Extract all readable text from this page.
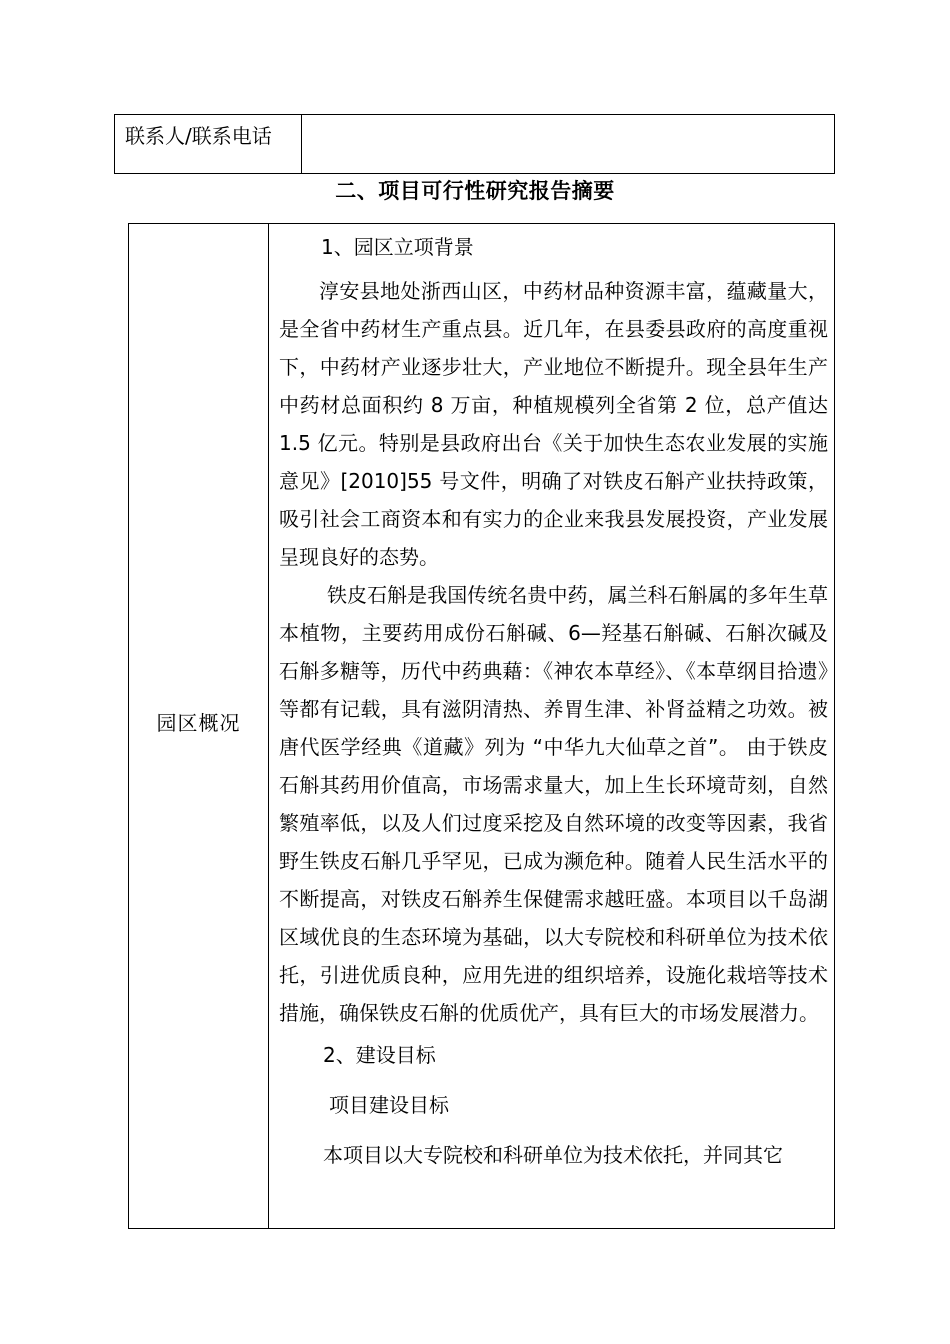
联系人/联系电话
二、项目可行性研究报告摘要
园区概况
1、园区立项背景

淳安县地处浙西山区，中药材品种资源丰富，蕴藏量大，是全省中药材生产重点县。近几年，在县委县政府的高度重视下，中药材产业逐步壮大，产业地位不断提升。现全县年生产中药材总面积约 8 万亩，种植规模列全省第 2 位，总产值达 1.5 亿元。特别是县政府出台《关于加快生态农业发展的实施意见》[2010]55 号文件，明确了对铁皮石斛产业扶持政策，吸引社会工商资本和有实力的企业来我县发展投资，产业发展呈现良好的态势。

铁皮石斛是我国传统名贵中药，属兰科石斛属的多年生草本植物，主要药用成份石斛碱、6—羟基石斛碱、石斛次碱及石斛多糖等，历代中药典藉：《神农本草经》、《本草纲目拾遗》等都有记载，具有滋阴清热、养胃生津、补肾益精之功效。被唐代医学经典《道藏》列为 “中华九大仙草之首”。 由于铁皮石斛其药用价值高，市场需求量大，加上生长环境苛刻，自然繁殖率低，以及人们过度采挖及自然环境的改变等因素，我省野生铁皮石斛几乎罕见，已成为濒危种。随着人民生活水平的不断提高，对铁皮石斛养生保健需求越旺盛。本项目以千岛湖区域优良的生态环境为基础，以大专院校和科研单位为技术依托，引进优质良种，应用先进的组织培养，设施化栽培等技术措施，确保铁皮石斛的优质优产，具有巨大的市场发展潜力。

2、建设目标
项目建设目标
本项目以大专院校和科研单位为技术依托，并同其它
